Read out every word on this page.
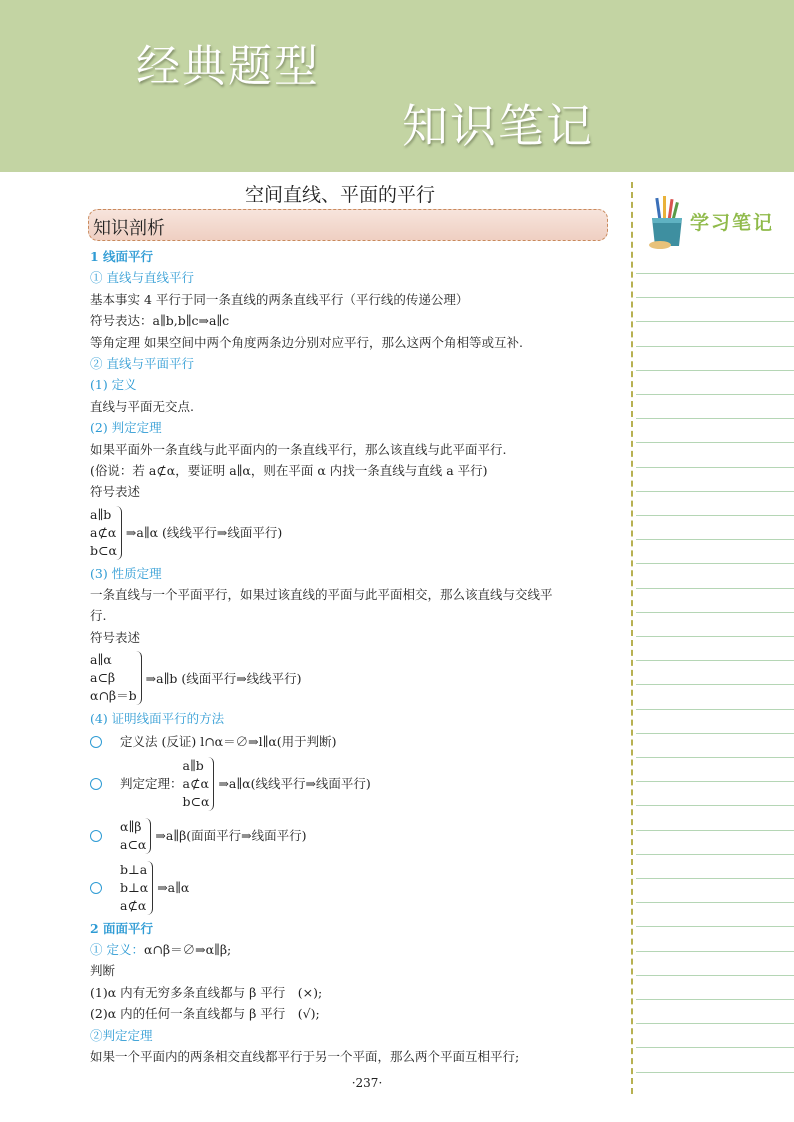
经典题型
知识笔记
空间直线、平面的平行
知识剖析
1 线面平行
① 直线与直线平行
基本事实 4 平行于同一条直线的两条直线平行（平行线的传递公理）
符号表达：a∥b,b∥c⇒a∥c
等角定理 如果空间中两个角度两条边分别对应平行，那么这两个角相等或互补.
② 直线与平面平行
(1) 定义
直线与平面无交点.
(2) 判定定理
如果平面外一条直线与此平面内的一条直线平行，那么该直线与此平面平行.
(俗说：若 a⊄α，要证明 a∥α，则在平面 α 内找一条直线与直线 a 平行)
符号表述
a∥b
a⊄α
b⊂α
⇒a∥α (线线平行⇒线面平行)
(3) 性质定理
一条直线与一个平面平行，如果过该直线的平面与此平面相交，那么该直线与交线平
行.
符号表述
a∥α
a⊂β
α∩β＝b
⇒a∥b (线面平行⇒线线平行)
(4) 证明线面平行的方法
定义法 (反证) l∩α＝∅⇒l∥α(用于判断)
判定定理：
a∥b
a⊄α
b⊂α
⇒a∥α(线线平行⇒线面平行)
α∥β
a⊂α
⇒a∥β(面面平行⇒线面平行)
b⊥a
b⊥α
a⊄α
⇒a∥α
2 面面平行
① 定义：α∩β＝∅⇒α∥β;
判断
(1)α 内有无穷多条直线都与 β 平行　(×);
(2)α 内的任何一条直线都与 β 平行　(√);
②判定定理
如果一个平面内的两条相交直线都平行于另一个平面，那么两个平面互相平行;
·237·
学习笔记
